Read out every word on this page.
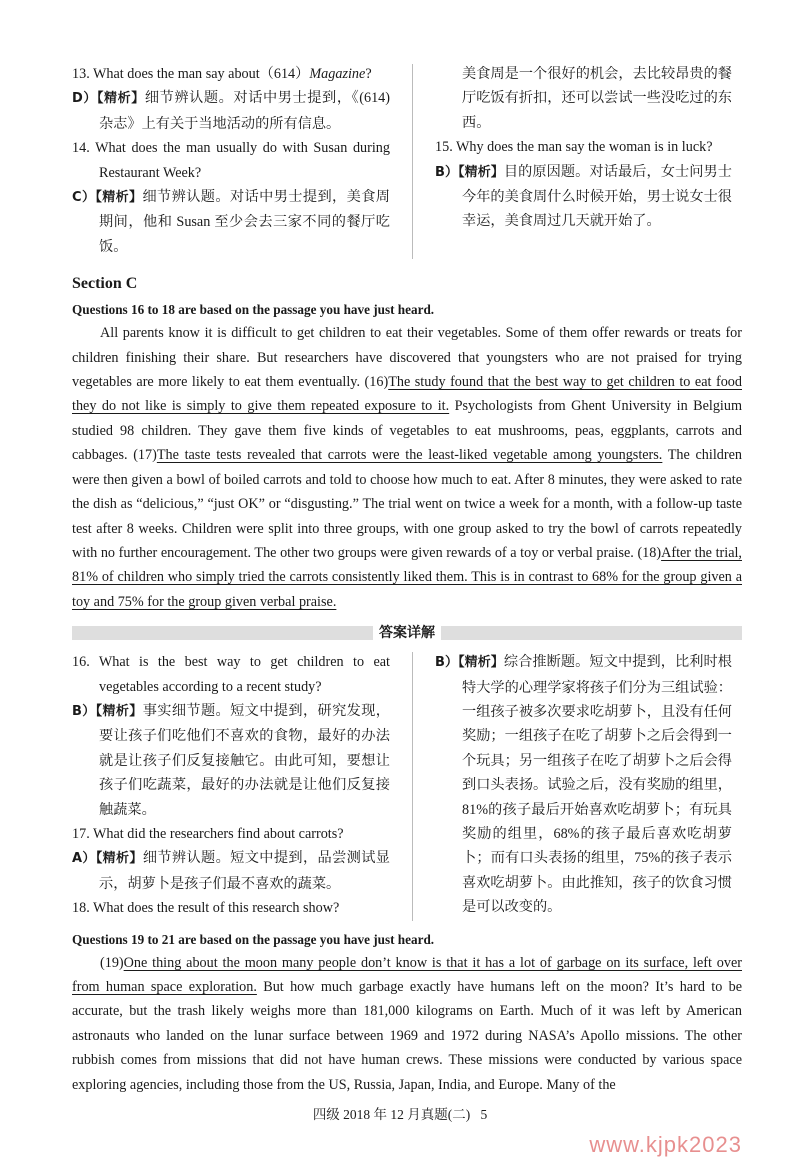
13. What does the man say about（614）Magazine?

D）【精析】细节辨认题。对话中男士提到，《(614)杂志》上有关于当地活动的所有信息。

14. What does the man usually do with Susan during Restaurant Week?

C）【精析】细节辨认题。对话中男士提到，美食周期间，他和 Susan 至少会去三家不同的餐厅吃饭。

美食周是一个很好的机会，去比较昂贵的餐厅吃饭有折扣，还可以尝试一些没吃过的东西。

15. Why does the man say the woman is in luck?

B）【精析】目的原因题。对话最后，女士问男士今年的美食周什么时候开始，男士说女士很幸运，美食周过几天就开始了。

Section C
Questions 16 to 18 are based on the passage you have just heard.

All parents know it is difficult to get children to eat their vegetables. Some of them offer rewards or treats for children finishing their share. But researchers have discovered that youngsters who are not praised for trying vegetables are more likely to eat them eventually. (16)The study found that the best way to get children to eat food they do not like is simply to give them repeated exposure to it. Psychologists from Ghent University in Belgium studied 98 children. They gave them five kinds of vegetables to eat mushrooms, peas, eggplants, carrots and cabbages. (17)The taste tests revealed that carrots were the least-liked vegetable among youngsters. The children were then given a bowl of boiled carrots and told to choose how much to eat. After 8 minutes, they were asked to rate the dish as “delicious,” “just OK” or “disgusting.” The trial went on twice a week for a month, with a follow-up taste test after 8 weeks. Children were split into three groups, with one group asked to try the bowl of carrots repeatedly with no further encouragement. The other two groups were given rewards of a toy or verbal praise. (18)After the trial, 81% of children who simply tried the carrots consistently liked them. This is in contrast to 68% for the group given a toy and 75% for the group given verbal praise.

答案详解

16. What is the best way to get children to eat vegetables according to a recent study?

B）【精析】事实细节题。短文中提到，研究发现，要让孩子们吃他们不喜欢的食物，最好的办法就是让孩子们反复接触它。由此可知，要想让孩子们吃蔬菜，最好的办法就是让他们反复接触蔬菜。

17. What did the researchers find about carrots?

A）【精析】细节辨认题。短文中提到，品尝测试显示，胡萝卜是孩子们最不喜欢的蔬菜。

18. What does the result of this research show?

B）【精析】综合推断题。短文中提到，比利时根特大学的心理学家将孩子们分为三组试验：一组孩子被多次要求吃胡萝卜，且没有任何奖励；一组孩子在吃了胡萝卜之后会得到一个玩具；另一组孩子在吃了胡萝卜之后会得到口头表扬。试验之后，没有奖励的组里，81%的孩子最后开始喜欢吃胡萝卜；有玩具奖励的组里，68%的孩子最后喜欢吃胡萝卜；而有口头表扬的组里，75%的孩子表示喜欢吃胡萝卜。由此推知，孩子的饮食习惯是可以改变的。

Questions 19 to 21 are based on the passage you have just heard.

(19)One thing about the moon many people don’t know is that it has a lot of garbage on its surface, left over from human space exploration. But how much garbage exactly have humans left on the moon? It’s hard to be accurate, but the trash likely weighs more than 181,000 kilograms on Earth. Much of it was left by American astronauts who landed on the lunar surface between 1969 and 1972 during NASA’s Apollo missions. The other rubbish comes from missions that did not have human crews. These missions were conducted by various space exploring agencies, including those from the US, Russia, Japan, India, and Europe. Many of the

四级 2018 年 12 月真题(二) 5
www.kjpk2023
